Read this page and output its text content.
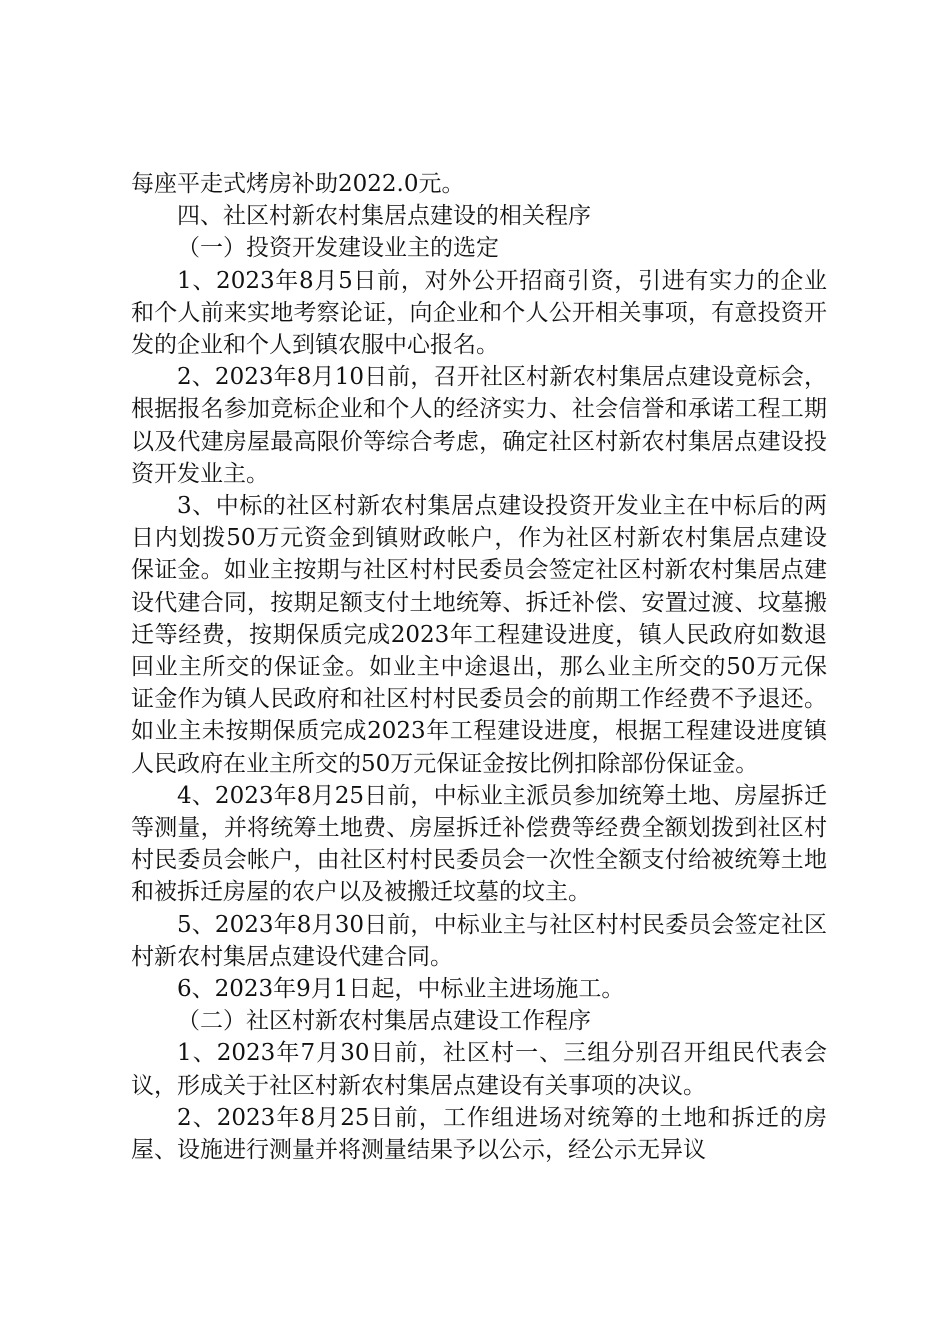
每座平走式烤房补助2022.0元。

四、社区村新农村集居点建设的相关程序

（一）投资开发建设业主的选定

1、2023年8月5日前，对外公开招商引资，引进有实力的企业和个人前来实地考察论证，向企业和个人公开相关事项，有意投资开发的企业和个人到镇农服中心报名。

2、2023年8月10日前，召开社区村新农村集居点建设竟标会，根据报名参加竞标企业和个人的经济实力、社会信誉和承诺工程工期以及代建房屋最高限价等综合考虑，确定社区村新农村集居点建设投资开发业主。

3、中标的社区村新农村集居点建设投资开发业主在中标后的两日内划拨50万元资金到镇财政帐户，作为社区村新农村集居点建设保证金。如业主按期与社区村村民委员会签定社区村新农村集居点建设代建合同，按期足额支付土地统筹、拆迁补偿、安置过渡、坟墓搬迁等经费，按期保质完成2023年工程建设进度，镇人民政府如数退回业主所交的保证金。如业主中途退出，那么业主所交的50万元保证金作为镇人民政府和社区村村民委员会的前期工作经费不予退还。如业主未按期保质完成2023年工程建设进度，根据工程建设进度镇人民政府在业主所交的50万元保证金按比例扣除部份保证金。

4、2023年8月25日前，中标业主派员参加统筹土地、房屋拆迁等测量，并将统筹土地费、房屋拆迁补偿费等经费全额划拨到社区村村民委员会帐户，由社区村村民委员会一次性全额支付给被统筹土地和被拆迁房屋的农户以及被搬迁坟墓的坟主。

5、2023年8月30日前，中标业主与社区村村民委员会签定社区村新农村集居点建设代建合同。

6、2023年9月1日起，中标业主进场施工。

（二）社区村新农村集居点建设工作程序

1、2023年7月30日前，社区村一、三组分别召开组民代表会议，形成关于社区村新农村集居点建设有关事项的决议。

2、2023年8月25日前，工作组进场对统筹的土地和拆迁的房屋、设施进行测量并将测量结果予以公示，经公示无异议
